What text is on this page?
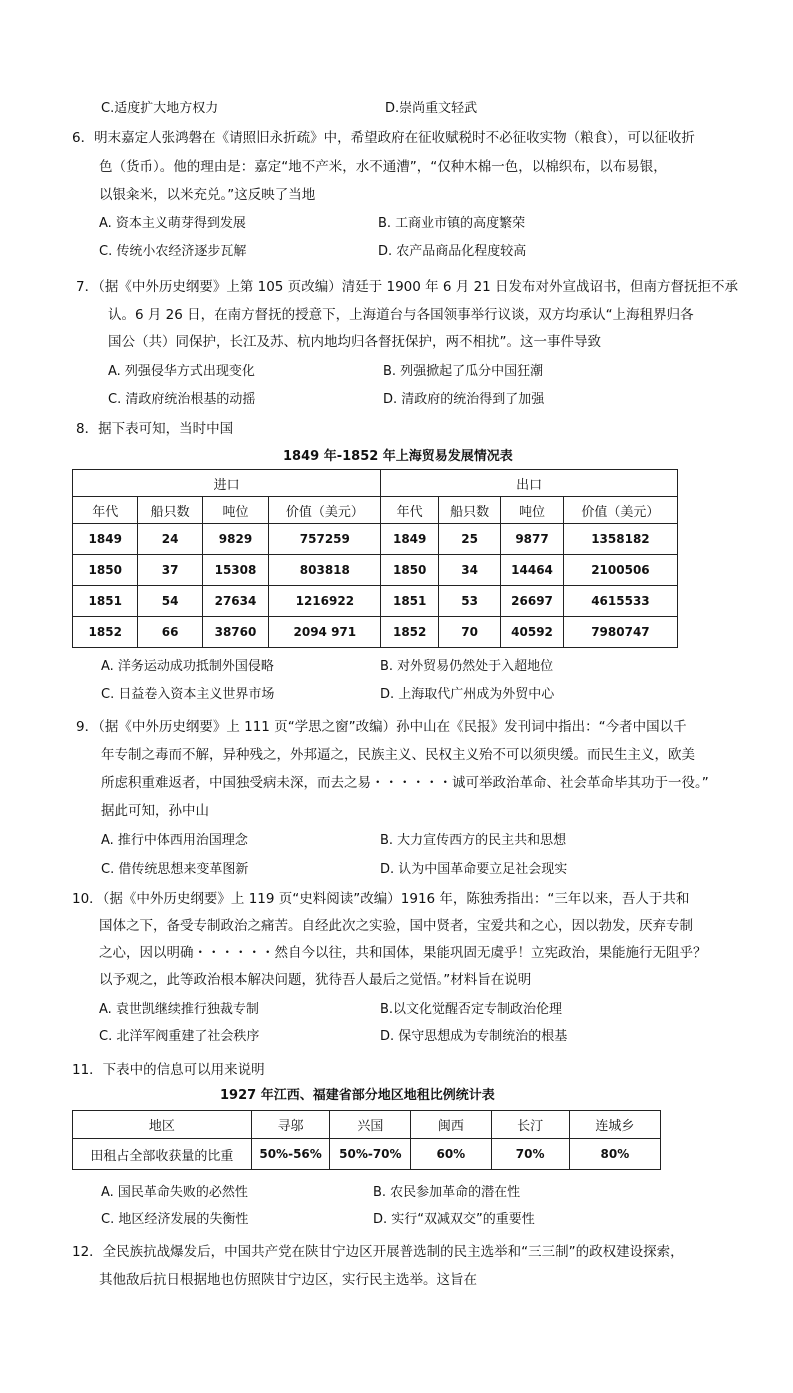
C.适度扩大地方权力	D.崇尚重文轻武
6．明末嘉定人张鸿磐在《请照旧永折疏》中，希望政府在征收赋税时不必征收实物（粮食），可以征收折
色（货币）。他的理由是：嘉定“地不产米，水不通漕”，“仅种木棉一色，以棉织布，以布易银，
以银籴米，以米充兑。”这反映了当地
A. 资本主义萌芽得到发展	B. 工商业市镇的高度繁荣
C. 传统小农经济逐步瓦解	D. 农产品商品化程度较高
7．（据《中外历史纲要》上第 105 页改编）清廷于 1900 年 6 月 21 日发布对外宣战诏书，但南方督抚拒不承
认。6 月 26 日，在南方督抚的授意下，上海道台与各国领事举行议谈，双方均承认“上海租界归各
国公（共）同保护，长江及苏、杭内地均归各督抚保护，两不相扰”。这一事件导致
A. 列强侵华方式出现变化	B. 列强掀起了瓜分中国狂潮
C. 清政府统治根基的动摇	D. 清政府的统治得到了加强
8．据下表可知，当时中国
1849 年-1852 年上海贸易发展情况表
进口				出口			
年代	船只数	吨位	价值（美元）	年代	船只数	吨位	价值（美元）
1849	24	9829	757259	1849	25	9877	1358182
1850	37	15308	803818	1850	34	14464	2100506
1851	54	27634	1216922	1851	53	26697	4615533
1852	66	38760	2094 971	1852	70	40592	7980747
A. 洋务运动成功抵制外国侵略	B. 对外贸易仍然处于入超地位
C. 日益卷入资本主义世界市场	D. 上海取代广州成为外贸中心
9．（据《中外历史纲要》上 111 页“学思之窗”改编）孙中山在《民报》发刊词中指出：“今者中国以千
年专制之毒而不解，异种残之，外邦逼之，民族主义、民权主义殆不可以须臾缓。而民生主义，欧美
所虑积重难返者，中国独受病未深，而去之易・・・・・・诚可举政治革命、社会革命毕其功于一役。”
据此可知，孙中山
A. 推行中体西用治国理念	B. 大力宣传西方的民主共和思想
C. 借传统思想来变革图新	D. 认为中国革命要立足社会现实
10．（据《中外历史纲要》上 119 页“史料阅读”改编）1916 年，陈独秀指出：“三年以来，吾人于共和
国体之下，备受专制政治之痛苦。自经此次之实验，国中贤者，宝爱共和之心，因以勃发，厌弃专制
之心，因以明确・・・・・・然自今以往，共和国体，果能巩固无虞乎！立宪政治，果能施行无阻乎？
以予观之，此等政治根本解决问题，犹待吾人最后之觉悟。”材料旨在说明
A. 袁世凯继续推行独裁专制	B.以文化觉醒否定专制政治伦理
C. 北洋军阀重建了社会秩序	D. 保守思想成为专制统治的根基
11．下表中的信息可以用来说明
1927 年江西、福建省部分地区地租比例统计表
地区	寻邬	兴国	闽西	长汀	连城乡
田租占全部收获量的比重	50%-56%	50%-70%	60%	70%	80%
A. 国民革命失败的必然性	B. 农民参加革命的潜在性
C. 地区经济发展的失衡性	D. 实行“双减双交”的重要性
12．全民族抗战爆发后，中国共产党在陕甘宁边区开展普选制的民主选举和“三三制”的政权建设探索，
其他敌后抗日根据地也仿照陕甘宁边区，实行民主选举。这旨在
